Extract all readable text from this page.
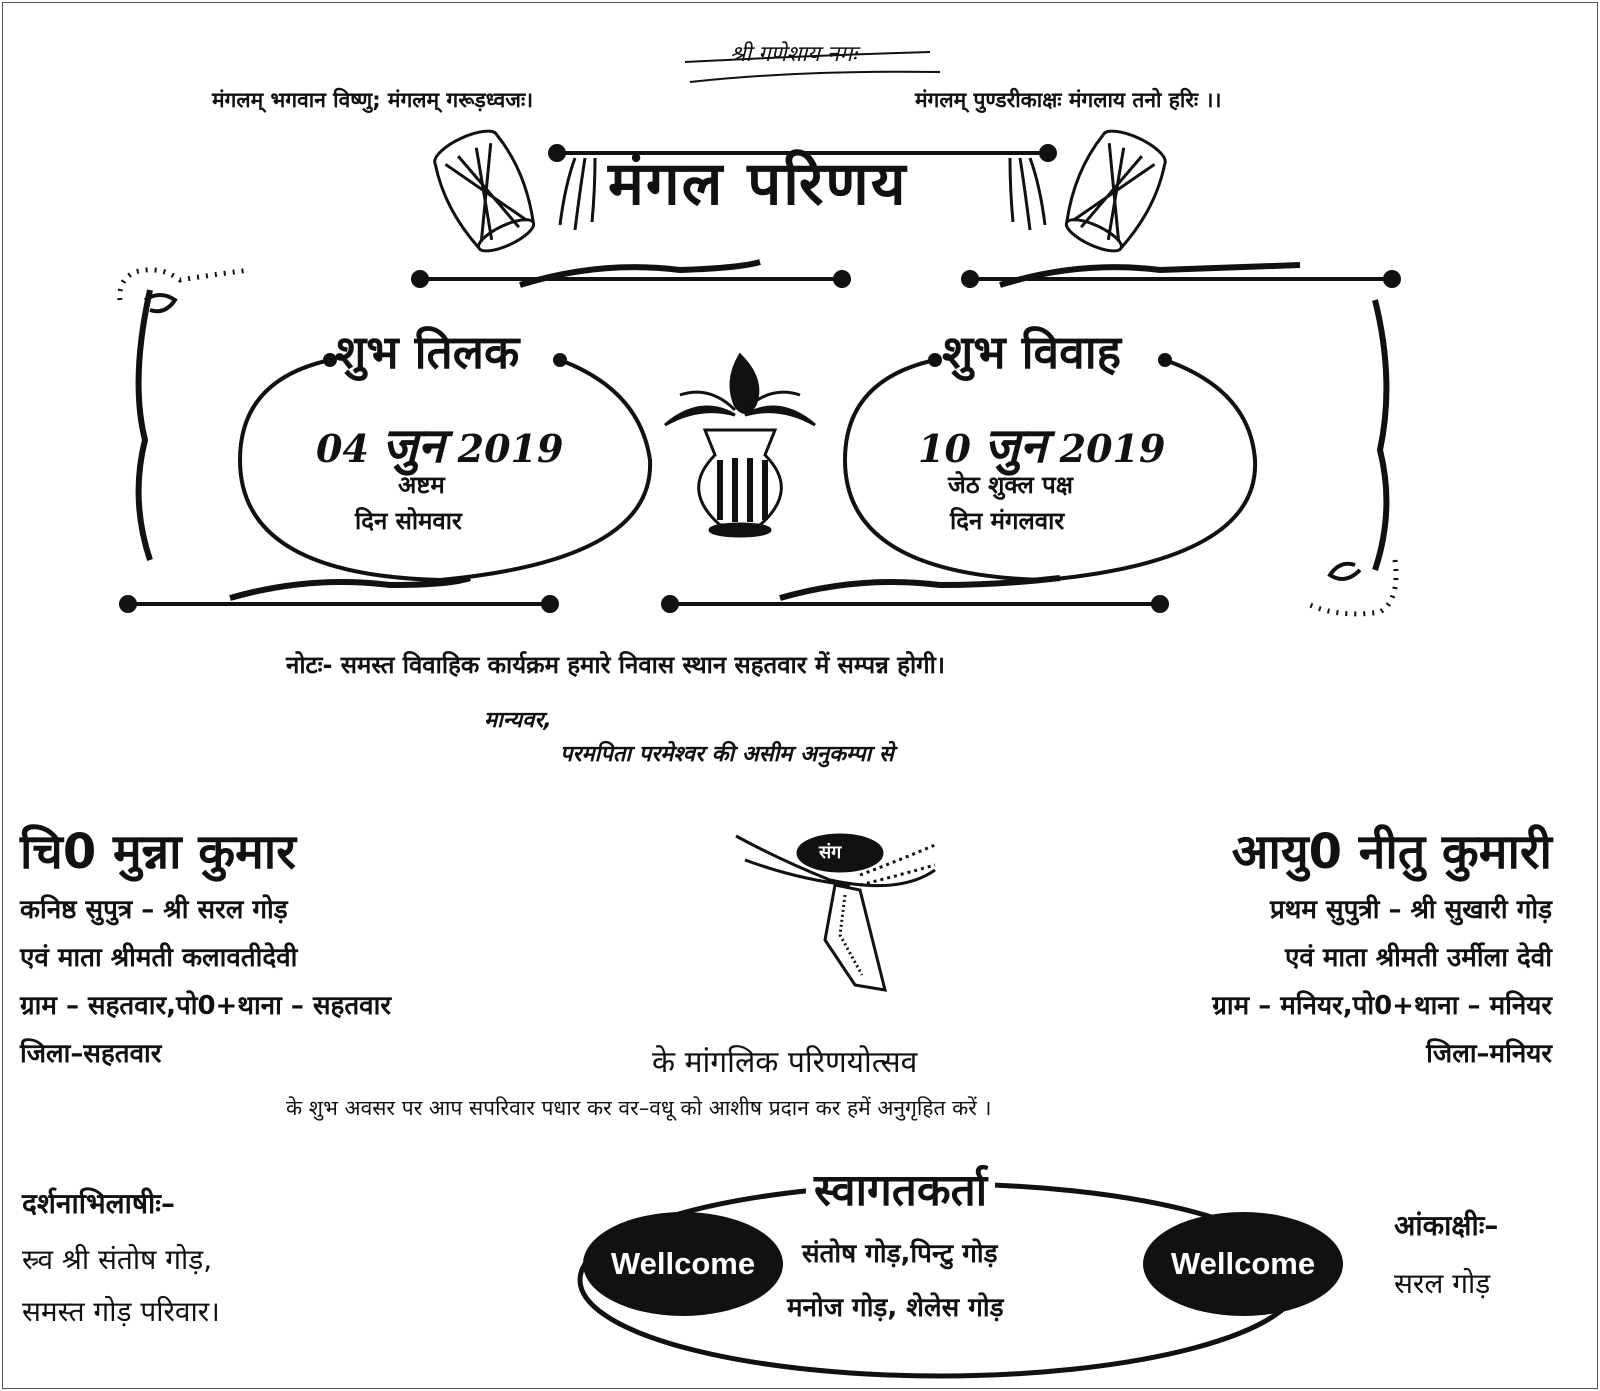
श्री गणेशाय नमः
मंगलम् भगवान विष्णु; मंगलम् गरूड़ध्वजः।	मंगलम् पुण्डरीकाक्षः मंगलाय तनो हरिः ।।
मंगल परिणय
शुभ तिलक
04 जुन 2019
अष्टम
दिन सोमवार
शुभ विवाह
10 जुन 2019
जेठ शुक्ल पक्ष
दिन मंगलवार
नोटः- समस्त विवाहिक कार्यक्रम हमारे निवास स्थान सहतवार में सम्पन्न होगी।
मान्यवर,
परमपिता परमेश्वर की असीम अनुकम्पा से
चि0 मुन्ना कुमार
कनिष्ठ सुपुत्र – श्री सरल गोड़
एवं माता श्रीमती कलावतीदेवी
ग्राम – सहतवार,पो0+थाना – सहतवार
जिला–सहतवार
संग	आयु0 नीतु कुमारी
प्रथम सुपुत्री – श्री सुखारी गोड़
एवं माता श्रीमती उर्मीला देवी
ग्राम – मनियर,पो0+थाना – मनियर
जिला–मनियर
के मांगलिक परिणयोत्सव
के शुभ अवसर पर आप सपरिवार पधार कर वर–वधू को आशीष प्रदान कर हमें अनुगृहित करें ।
दर्शनाभिलाषीः–
स्र्व श्री संतोष गोड़,
समस्त गोड़ परिवार।
स्वागतकर्ता
संतोष गोड़,पिन्टु गोड़
मनोज गोड़, शेलेस गोड़
Wellcome	Wellcome
आंकाक्षीः–
सरल गोड़
